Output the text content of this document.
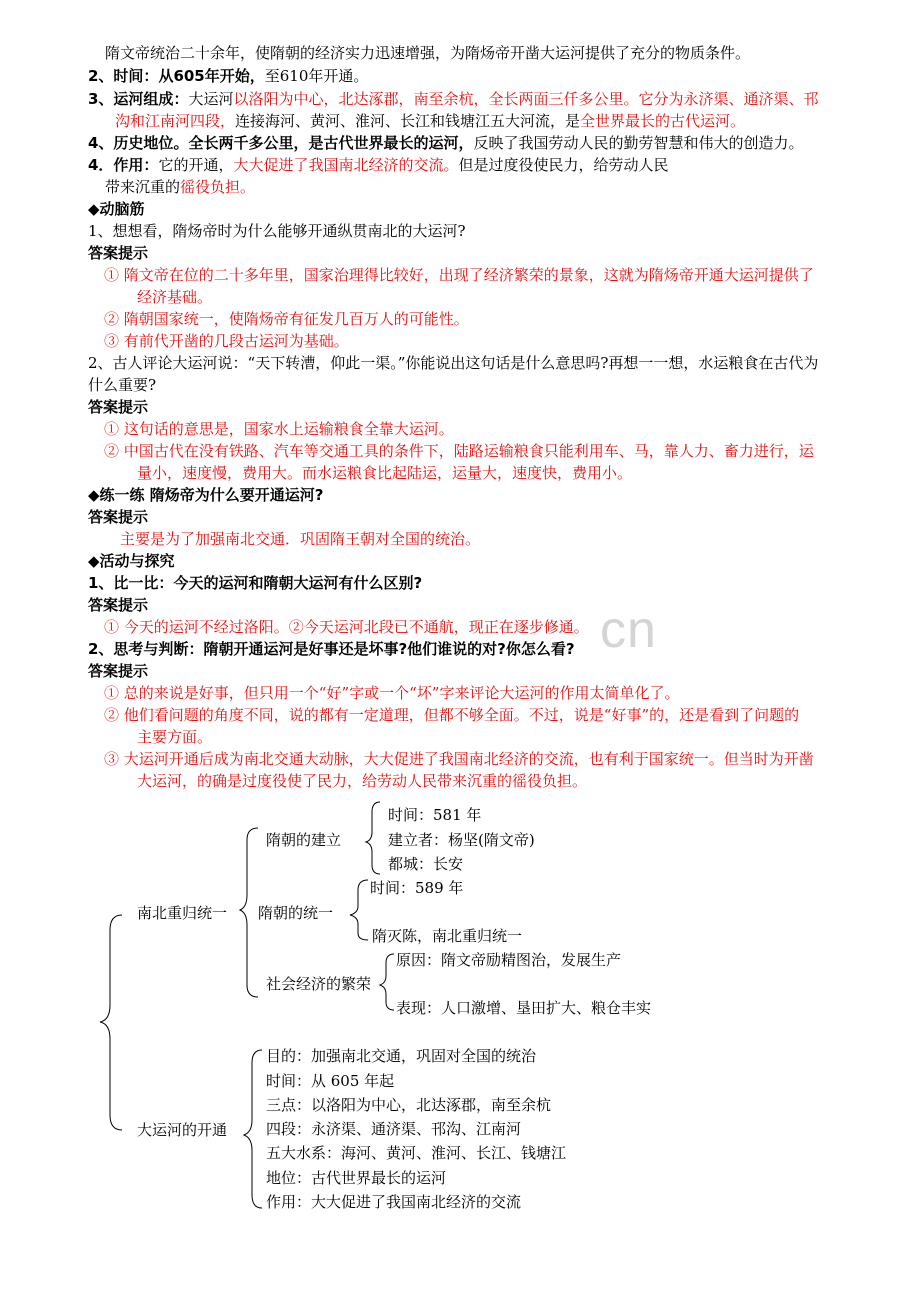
隋文帝统治二十余年，使隋朝的经济实力迅速增强，为隋炀帝开凿大运河提供了充分的物质条件。
2、时间：从605年开始，至610年开通。
3、运河组成：大运河以洛阳为中心，北达涿郡，南至余杭，全长两面三仟多公里。它分为永济渠、通济渠、邗
沟和江南河四段，连接海河、黄河、淮河、长江和钱塘江五大河流，是全世界最长的古代运河。
4、历史地位。全长两千多公里，是古代世界最长的运河，反映了我国劳动人民的勤劳智慧和伟大的创造力。
4．作用：它的开通，大大促进了我国南北经济的交流。但是过度役使民力，给劳动人民
带来沉重的徭役负担。
◆动脑筋
1、想想看，隋炀帝时为什么能够开通纵贯南北的大运河?
答案提示
① 隋文帝在位的二十多年里，国家治理得比较好，出现了经济繁荣的景象，这就为隋炀帝开通大运河提供了
经济基础。
② 隋朝国家统一，使隋炀帝有征发几百万人的可能性。
③ 有前代开凿的几段古运河为基础。
2、古人评论大运河说：“天下转漕，仰此一渠。”你能说出这句话是什么意思吗?再想一一想，水运粮食在古代为
什么重要?
答案提示
① 这句话的意思是，国家水上运输粮食全靠大运河。
② 中国古代在没有铁路、汽车等交通工具的条件下，陆路运输粮食只能利用车、马，靠人力、畜力进行，运
量小，速度慢，费用大。而水运粮食比起陆运，运量大，速度快，费用小。
◆练一练 隋炀帝为什么要开通运河?
答案提示
主要是为了加强南北交通．巩固隋王朝对全国的统治。
◆活动与探究
1、比一比：今天的运河和隋朝大运河有什么区别?
答案提示
① 今天的运河不经过洛阳。②今天运河北段已不通航，现正在逐步修通。
2、思考与判断：隋朝开通运河是好事还是坏事?他们谁说的对?你怎么看?
答案提示
① 总的来说是好事，但只用一个“好”字或一个“坏”字来评论大运河的作用太简单化了。
② 他们看问题的角度不同，说的都有一定道理，但都不够全面。不过，说是“好事”的，还是看到了问题的
主要方面。
③ 大运河开通后成为南北交通大动脉，大大促进了我国南北经济的交流，也有利于国家统一。但当时为开凿
大运河，的确是过度役使了民力，给劳动人民带来沉重的徭役负担。
cn
南北重归统一
隋朝的建立
时间：581 年
建立者：杨坚(隋文帝)
都城：长安
隋朝的统一
时间：589 年
隋灭陈，南北重归统一
社会经济的繁荣
原因：隋文帝励精图治，发展生产
表现：人口激增、垦田扩大、粮仓丰实
大运河的开通
目的：加强南北交通，巩固对全国的统治
时间：从 605 年起
三点：以洛阳为中心，北达涿郡，南至余杭
四段：永济渠、通济渠、邗沟、江南河
五大水系：海河、黄河、淮河、长江、钱塘江
地位：古代世界最长的运河
作用：大大促进了我国南北经济的交流
